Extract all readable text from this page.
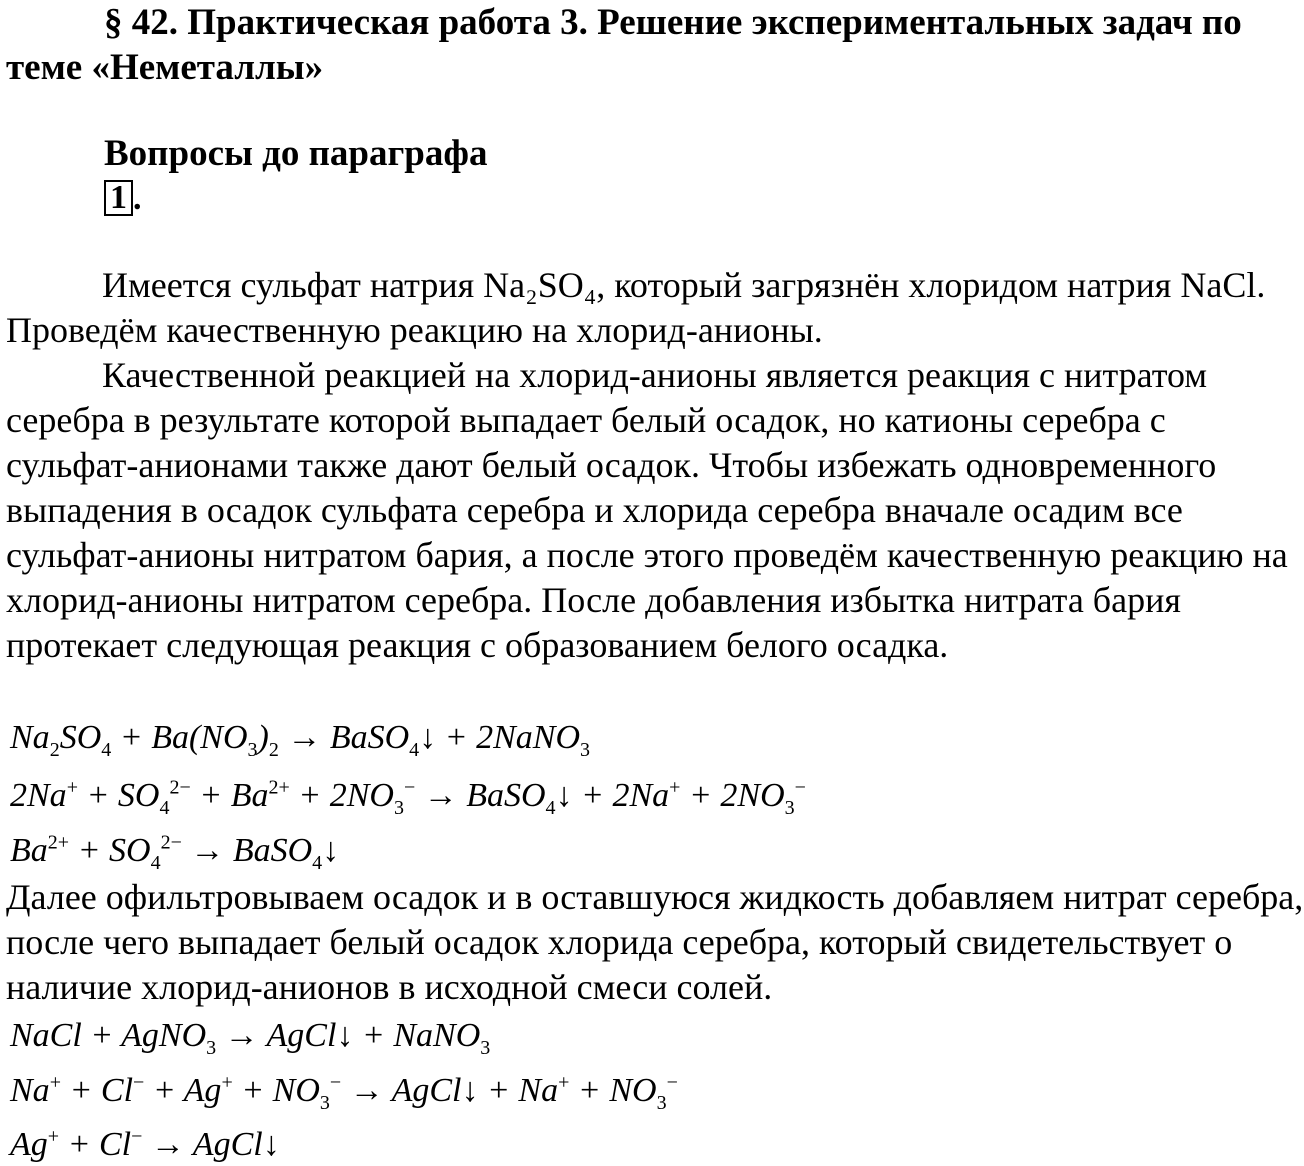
§ 42. Практическая работа 3. Решение экспериментальных задач по теме «Неметаллы»
Вопросы до параграфа
1 .

Имеется сульфат натрия Na₂SO₄, который загрязнён хлоридом натрия NaCl. Проведём качественную реакцию на хлорид-анионы.

Качественной реакцией на хлорид-анионы является реакция с нитратом серебра в результате которой выпадает белый осадок, но катионы серебра с сульфат-анионами также дают белый осадок. Чтобы избежать одновременного выпадения в осадок сульфата серебра и хлорида серебра вначале осадим все сульфат-анионы нитратом бария, а после этого проведём качественную реакцию на хлорид-анионы нитратом серебра. После добавления избытка нитрата бария протекает следующая реакция с образованием белого осадка.

$Na_2SO_4 + Ba(NO_3)_2$ → BaSO$_4$↓ + 2NaNO$_3$
$2Na^+ + SO_4^{2-} + Ba^{2+} + 2NO_3^-$ → BaSO$_4$↓ + $2Na^+ + 2NO_3^-$
$Ba^{2+} + SO_4^{2-}$ → BaSO$_4$↓

Далее офильтровываем осадок и в оставшуюся жидкость добавляем нитрат серебра, после чего выпадает белый осадок хлорида серебра, который свидетельствует о наличие хлорид-анионов в исходной смеси солей.

NaCl + AgNO$_3$ → AgCl↓ + NaNO$_3$
$Na^+ + Cl^- + Ag^+ + NO_3^-$ → AgCl↓ + $Na^+ + NO_3^-$
Ag+ + Cl− → AgCl↓
